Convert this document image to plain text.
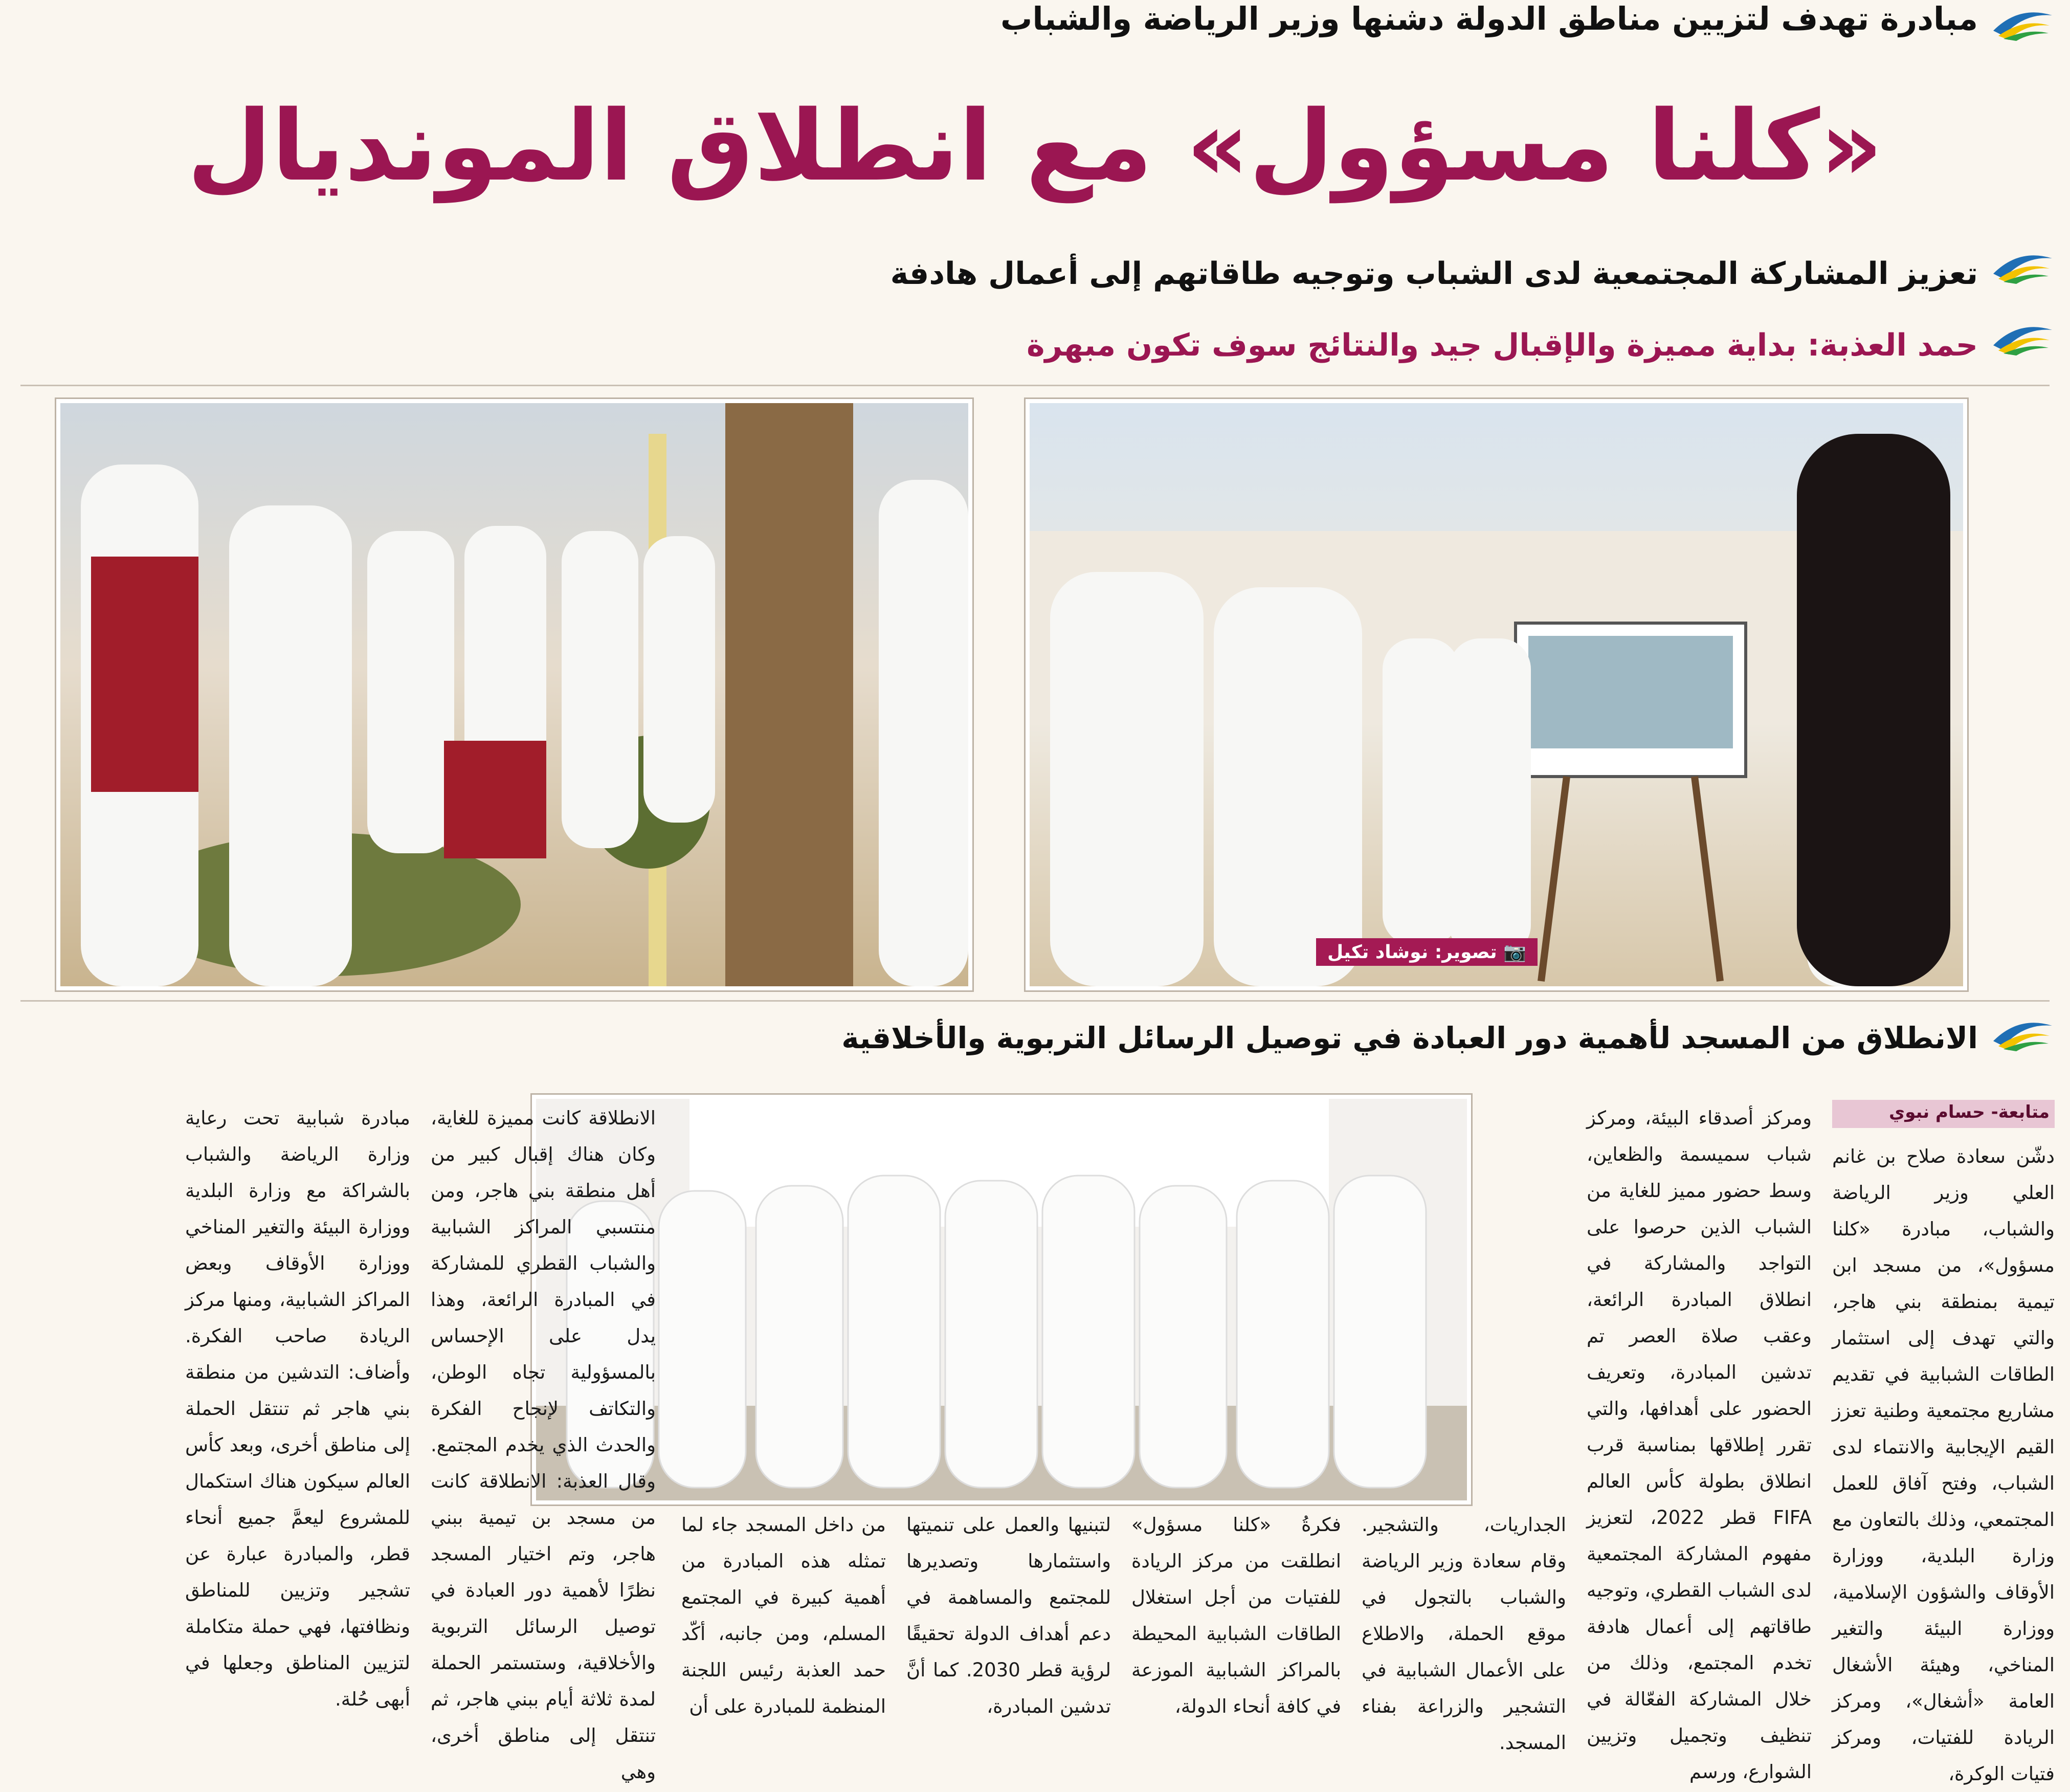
مبادرة تهدف لتزيين مناطق الدولة دشنها وزير الرياضة والشباب
«كلنا مسؤول» مع انطلاق المونديال
تعزيز المشاركة المجتمعية لدى الشباب وتوجيه طاقاتهم إلى أعمال هادفة
حمد العذبة: بداية مميزة والإقبال جيد والنتائج سوف تكون مبهرة
📷 تصوير: نوشاد تكيل
الانطلاق من المسجد لأهمية دور العبادة في توصيل الرسائل التربوية والأخلاقية
متابعة- حسام نبوي
دشّن سعادة صلاح بن غانم العلي وزير الرياضة والشباب، مبادرة «كلنا مسؤول»، من مسجد ابن تيمية بمنطقة بني هاجر، والتي تهدف إلى استثمار الطاقات الشبابية في تقديم مشاريع مجتمعية وطنية تعزز القيم الإيجابية والانتماء لدى الشباب، وفتح آفاق للعمل المجتمعي، وذلك بالتعاون مع وزارة البلدية، ووزارة الأوقاف والشؤون الإسلامية، ووزارة البيئة والتغير المناخي، وهيئة الأشغال العامة «أشغال»، ومركز الريادة للفتيات، ومركز فتيات الوكرة،
ومركز أصدقاء البيئة، ومركز شباب سميسمة والظعاين، وسط حضور مميز للغاية من الشباب الذين حرصوا على التواجد والمشاركة في انطلاق المبادرة الرائعة، وعقب صلاة العصر تم تدشين المبادرة، وتعريف الحضور على أهدافها، والتي تقرر إطلاقها بمناسبة قرب انطلاق بطولة كأس العالم FIFA قطر 2022، لتعزيز مفهوم المشاركة المجتمعية لدى الشباب القطري، وتوجيه طاقاتهم إلى أعمال هادفة تخدم المجتمع، وذلك من خلال المشاركة الفعّالة في تنظيف وتجميل وتزيين الشوارع، ورسم
الجداريات، والتشجير. وقام سعادة وزير الرياضة والشباب بالتجول في موقع الحملة، والاطلاع على الأعمال الشبابية في التشجير والزراعة بفناء المسجد.
فكرةُ «كلنا مسؤول» انطلقت من مركز الريادة للفتيات من أجل استغلال الطاقات الشبابية المحيطة بالمراكز الشبابية الموزعة في كافة أنحاء الدولة،
لتبنيها والعمل على تنميتها واستثمارها وتصديرها للمجتمع والمساهمة في دعم أهداف الدولة تحقيقًا لرؤية قطر 2030. كما أنَّ تدشين المبادرة،
من داخل المسجد جاء لما تمثله هذه المبادرة من أهمية كبيرة في المجتمع المسلم، ومن جانبه، أكّد حمد العذبة رئيس اللجنة المنظمة للمبادرة على أن
الانطلاقة كانت مميزة للغاية، وكان هناك إقبال كبير من أهل منطقة بني هاجر، ومن منتسبي المراكز الشبابية والشباب القطري للمشاركة في المبادرة الرائعة، وهذا يدل على الإحساس بالمسؤولية تجاه الوطن، والتكاتف لإنجاح الفكرة والحدث الذي يخدم المجتمع. وقال العذبة: الانطلاقة كانت من مسجد بن تيمية ببني هاجر، وتم اختيار المسجد نظرًا لأهمية دور العبادة في توصيل الرسائل التربوية والأخلاقية، وستستمر الحملة لمدة ثلاثة أيام ببني هاجر، ثم تنتقل إلى مناطق أخرى، وهي
مبادرة شبابية تحت رعاية وزارة الرياضة والشباب بالشراكة مع وزارة البلدية ووزارة البيئة والتغير المناخي ووزارة الأوقاف وبعض المراكز الشبابية، ومنها مركز الريادة صاحب الفكرة. وأضاف: التدشين من منطقة بني هاجر ثم تنتقل الحملة إلى مناطق أخرى، وبعد كأس العالم سيكون هناك استكمال للمشروع ليعمَّ جميع أنحاء قطر، والمبادرة عبارة عن تشجير وتزيين للمناطق ونظافتها، فهي حملة متكاملة لتزيين المناطق وجعلها في أبهى حُلة.
